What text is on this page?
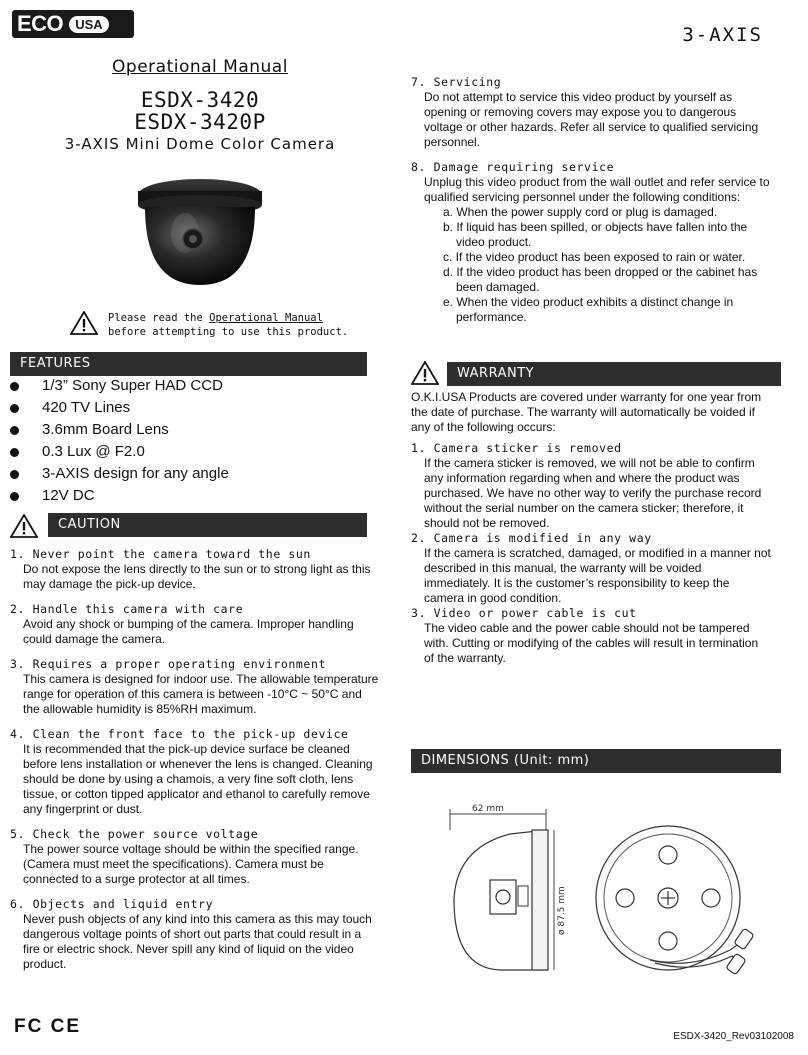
ECO USA	3-AXIS
Operational Manual
ESDX-3420
ESDX-3420P
3-AXIS Mini Dome Color Camera
Please read the Operational Manual
before attempting to use this product.
FEATURES
1/3” Sony Super HAD CCD
420 TV Lines
3.6mm Board Lens
0.3 Lux @ F2.0
3-AXIS design for any angle
12V DC
CAUTION
1. Never point the camera toward the sun
Do not expose the lens directly to the sun or to strong light as this may damage the pick-up device.
2. Handle this camera with care
Avoid any shock or bumping of the camera. Improper handling could damage the camera.
3. Requires a proper operating environment
This camera is designed for indoor use. The allowable temperature range for operation of this camera is between -10°C ~ 50°C and the allowable humidity is 85%RH maximum.
4. Clean the front face to the pick-up device
It is recommended that the pick-up device surface be cleaned before lens installation or whenever the lens is changed. Cleaning should be done by using a chamois, a very fine soft cloth, lens tissue, or cotton tipped applicator and ethanol to carefully remove any fingerprint or dust.
5. Check the power source voltage
The power source voltage should be within the specified range. (Camera must meet the specifications). Camera must be connected to a surge protector at all times.
6. Objects and liquid entry
Never push objects of any kind into this camera as this may touch dangerous voltage points of short out parts that could result in a fire or electric shock. Never spill any kind of liquid on the video product.
7. Servicing
Do not attempt to service this video product by yourself as opening or removing covers may expose you to dangerous voltage or other hazards. Refer all service to qualified servicing personnel.
8. Damage requiring service
Unplug this video product from the wall outlet and refer service to qualified servicing personnel under the following conditions:
a. When the power supply cord or plug is damaged.
b. If liquid has been spilled, or objects have fallen into the video product.
c. If the video product has been exposed to rain or water.
d. If the video product has been dropped or the cabinet has been damaged.
e. When the video product exhibits a distinct change in performance.
WARRANTY
O.K.I.USA Products are covered under warranty for one year from the date of purchase. The warranty will automatically be voided if any of the following occurs:
1. Camera sticker is removed
If the camera sticker is removed, we will not be able to confirm any information regarding when and where the product was purchased. We have no other way to verify the purchase record without the serial number on the camera sticker; therefore, it should not be removed.
2. Camera is modified in any way
If the camera is scratched, damaged, or modified in a manner not described in this manual, the warranty will be voided immediately. It is the customer’s responsibility to keep the camera in good condition.
3. Video or power cable is cut
The video cable and the power cable should not be tampered with. Cutting or modifying of the cables will result in termination of the warranty.
DIMENSIONS (Unit: mm)
62 mm
ø 87.5 mm
FC CE	ESDX-3420_Rev03102008
